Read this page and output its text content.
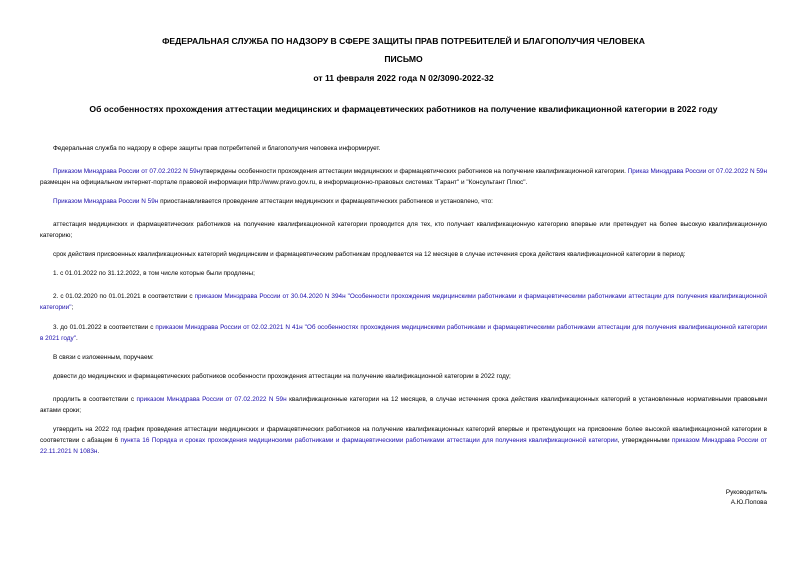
ФЕДЕРАЛЬНАЯ СЛУЖБА ПО НАДЗОРУ В СФЕРЕ ЗАЩИТЫ ПРАВ ПОТРЕБИТЕЛЕЙ И БЛАГОПОЛУЧИЯ ЧЕЛОВЕКА
ПИСЬМО
от 11 февраля 2022 года N 02/3090-2022-32
Об особенностях прохождения аттестации медицинских и фармацевтических работников на получение квалификационной категории в 2022 году
Федеральная служба по надзору в сфере защиты прав потребителей и благополучия человека информирует.
Приказом Минздрава России от 07.02.2022 N 59нутверждены особенности прохождения аттестации медицинских и фармацевтических работников на получение квалификационной категории. Приказ Минздрава России от 07.02.2022 N 59н размещен на официальном интернет-портале правовой информации http://www.pravo.gov.ru, в информационно-правовых системах "Гарант" и "Консультант Плюс".
Приказом Минздрава России N 59н приостанавливается проведение аттестации медицинских и фармацевтических работников и установлено, что:
аттестация медицинских и фармацевтических работников на получение квалификационной категории проводится для тех, кто получает квалификационную категорию впервые или претендует на более высокую квалификационную категорию;
срок действия присвоенных квалификационных категорий медицинским и фармацевтическим работникам продлевается на 12 месяцев в случае истечения срока действия квалификационной категории в период:
1. с 01.01.2022 по 31.12.2022, в том числе которые были продлены;
2. с 01.02.2020 по 01.01.2021 в соответствии с приказом Минздрава России от 30.04.2020 N 394н "Особенности прохождения медицинскими работниками и фармацевтическими работниками аттестации для получения квалификационной категории";
3. до 01.01.2022 в соответствии с приказом Минздрава России от 02.02.2021 N 41н "Об особенностях прохождения медицинскими работниками и фармацевтическими работниками аттестации для получения квалификационной категории в 2021 году".
В связи с изложенным, поручаем:
довести до медицинских и фармацевтических работников особенности прохождения аттестации на получение квалификационной категории в 2022 году;
продлить в соответствии с приказом Минздрава России от 07.02.2022 N 59н квалификационные категории на 12 месяцев, в случае истечения срока действия квалификационных категорий в установленные нормативными правовыми актами сроки;
утвердить на 2022 год график проведения аттестации медицинских и фармацевтических работников на получение квалификационных категорий впервые и претендующих на присвоение более высокой квалификационной категории в соответствии с абзацем 6 пункта 16 Порядка и сроках прохождения медицинскими работниками и фармацевтическими работниками аттестации для получения квалификационной категории, утвержденными приказом Минздрава России от 22.11.2021 N 1083н.
Руководитель
А.Ю.Попова
